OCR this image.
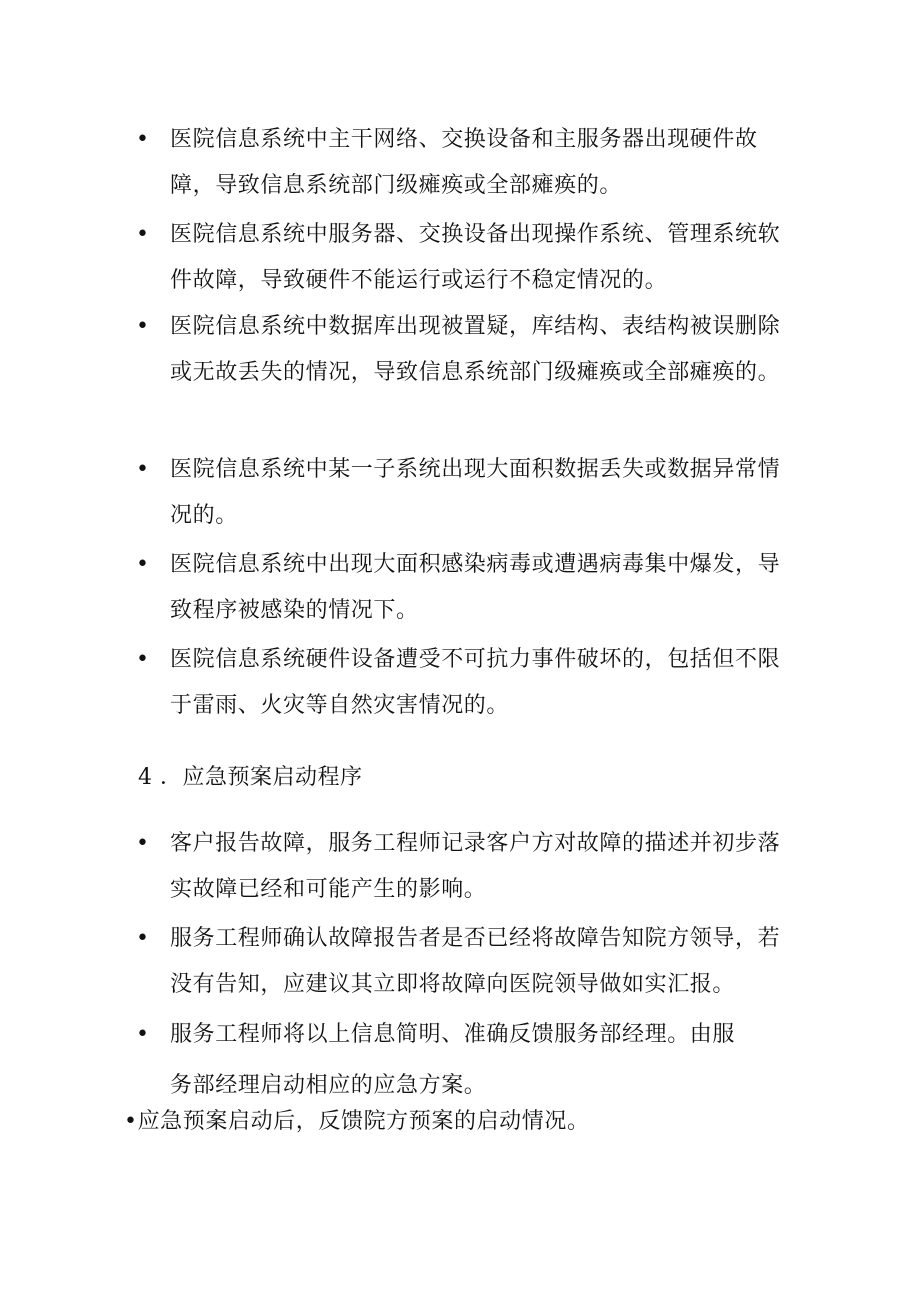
• 医院信息系统中主干网络、交换设备和主服务器出现硬件故障，导致信息系统部门级瘫痪或全部瘫痪的。
• 医院信息系统中服务器、交换设备出现操作系统、管理系统软件故障，导致硬件不能运行或运行不稳定情况的。
• 医院信息系统中数据库出现被置疑，库结构、表结构被误删除或无故丢失的情况，导致信息系统部门级瘫痪或全部瘫痪的。
• 医院信息系统中某一子系统出现大面积数据丢失或数据异常情况的。
• 医院信息系统中出现大面积感染病毒或遭遇病毒集中爆发，导致程序被感染的情况下。
• 医院信息系统硬件设备遭受不可抗力事件破坏的，包括但不限于雷雨、火灾等自然灾害情况的。
4 ．应急预案启动程序
• 客户报告故障，服务工程师记录客户方对故障的描述并初步落实故障已经和可能产生的影响。
• 服务工程师确认故障报告者是否已经将故障告知院方领导，若没有告知，应建议其立即将故障向医院领导做如实汇报。
• 服务工程师将以上信息简明、准确反馈服务部经理。由服
务部经理启动相应的应急方案。
•应急预案启动后，反馈院方预案的启动情况。
